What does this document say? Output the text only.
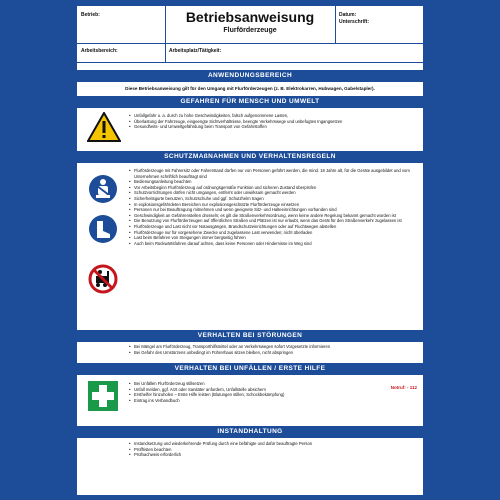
Betrieb:	Betriebsanweisung
Flurförderzeuge
Datum:
Unterschrift:
Arbeitsbereich:	Arbeitsplatz/Tätigkeit:
ANWENDUNGSBEREICH
Diese Betriebsanweisung gilt für den Umgang mit Flurförderzeugen (z. B. Elektrokarren, Hubwagen, Gabelstapler).
GEFAHREN FÜR MENSCH UND UMWELT
• Unfallgefahr u. a. durch zu hohe Geschwindigkeiten, falsch aufgenommene Lasten,
• Überlastung der Fahrzeuge, eingeengte Sichtverhältnisse, beengte Verkehrswege und unbefugtes Ingangsetzen
• Gesundheits- und Umweltgefährdung beim Transport von Gefahrstoffen
SCHUTZMAßNAHMEN UND VERHALTENSREGELN
• Flurförderzeuge mit Fahrersitz oder Fahrerstand dürfen nur von Personen geführt werden, die mind. 18 Jahre alt, für die Geräte ausgebildet und vom Unternehmen schriftlich beauftragt sind
• Bedienungsanleitung beachten
• Vor Arbeitsbeginn Flurförderzeug auf ordnungsgemäße Funktion und sicheren Zustand überprüfen
• Schutzvorrichtungen dürfen nicht umgangen, entfernt oder unwirksam gemacht werden
• Sicherheitsgurte benutzen, Schutzschuhe und ggf. Schutzhelm tragen
• In explosionsgefährdeten Bereichen nur explosionsgeschützte Flurförderzeuge einsetzen
• Personen nur bei Beauftragung mitnehmen und wenn geeignete Sitz- und Halteeinrichtungen vorhanden sind
• Geschwindigkeit an Gefahrenstellen drosseln; es gilt die Straßenverkehrsordnung, wenn keine andere Regelung bekannt gemacht worden ist
• Die Benutzung von Flurförderzeugen auf öffentlichen Straßen und Plätzen ist nur erlaubt, wenn das Gerät für den Straßenverkehr zugelassen ist
• Flurförderzeuge und Last nicht vor Notausgängen, Brandschutzeinrichtungen oder auf Fluchtwegen abstellen
• Flurförderzeuge nur für vorgesehene Zwecke und zugelassene Last verwenden; nicht überladen
• Last beim Befahren von Steigungen immer bergseitig führen
• Auch beim Rückwärtsfahren darauf achten, dass keine Personen oder Hindernisse im Weg sind
VERHALTEN BEI STÖRUNGEN
• Bei Mängel am Flurförderzeug, Transporthilfsmittel oder an Verkehrswegen sofort Vorgesetzte informieren
• Bei Gefahr des Umstürzens unbedingt im Führerhaus sitzen bleiben, nicht abspringen
VERHALTEN BEI UNFÄLLEN / ERSTE HILFE
• Bei Unfällen Flurförderzeug stillsetzen
• Unfall melden, ggf. Arzt oder Sanitäter anfordern, Unfallstelle absichern
• Ersthelfer hinzuholen – Erste Hilfe leisten (Blutungen stillen, Schockbekämpfung)
• Eintrag ins Verbandbuch
Notruf: - 112
INSTANDHALTUNG
• Instandsetzung und wiederkehrende Prüfung durch eine befähigte und dafür beauftragte Person
• Prüffristen beachten
• Prüfnachweis erforderlich
